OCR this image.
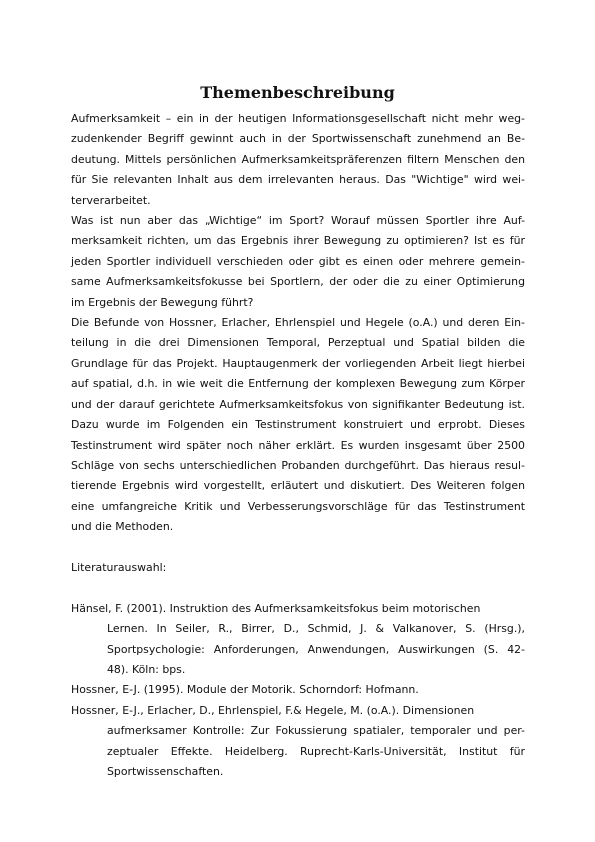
Themenbeschreibung

Aufmerksamkeit – ein in der heutigen Informationsgesellschaft nicht mehr weg-
zudenkender Begriff gewinnt auch in der Sportwissenschaft zunehmend an Be-
deutung. Mittels persönlichen Aufmerksamkeitspräferenzen filtern Menschen den
für Sie relevanten Inhalt aus dem irrelevanten heraus. Das "Wichtige" wird wei-
terverarbeitet.

Was ist nun aber das „Wichtige“ im Sport? Worauf müssen Sportler ihre Auf-
merksamkeit richten, um das Ergebnis ihrer Bewegung zu optimieren? Ist es für
jeden Sportler individuell verschieden oder gibt es einen oder mehrere gemein-
same Aufmerksamkeitsfokusse bei Sportlern, der oder die zu einer Optimierung
im Ergebnis der Bewegung führt?

Die Befunde von Hossner, Erlacher, Ehrlenspiel und Hegele (o.A.) und deren Ein-
teilung in die drei Dimensionen Temporal, Perzeptual und Spatial bilden die
Grundlage für das Projekt. Hauptaugenmerk der vorliegenden Arbeit liegt hierbei
auf spatial, d.h. in wie weit die Entfernung der komplexen Bewegung zum Körper
und der darauf gerichtete Aufmerksamkeitsfokus von signifikanter Bedeutung ist.
Dazu wurde im Folgenden ein Testinstrument konstruiert und erprobt. Dieses
Testinstrument wird später noch näher erklärt. Es wurden insgesamt über 2500
Schläge von sechs unterschiedlichen Probanden durchgeführt. Das hieraus resul-
tierende Ergebnis wird vorgestellt, erläutert und diskutiert. Des Weiteren folgen
eine umfangreiche Kritik und Verbesserungsvorschläge für das Testinstrument
und die Methoden.

Literaturauswahl:

Hänsel, F. (2001). Instruktion des Aufmerksamkeitsfokus beim motorischen
Lernen. In Seiler, R., Birrer, D., Schmid, J. & Valkanover, S. (Hrsg.),
Sportpsychologie: Anforderungen, Anwendungen, Auswirkungen (S. 42-
48). Köln: bps.

Hossner, E-J. (1995). Module der Motorik. Schorndorf: Hofmann.

Hossner, E-J., Erlacher, D., Ehrlenspiel, F.& Hegele, M. (o.A.). Dimensionen
aufmerksamer Kontrolle: Zur Fokussierung spatialer, temporaler und per-
zeptualer Effekte. Heidelberg. Ruprecht-Karls-Universität, Institut für
Sportwissenschaften.
